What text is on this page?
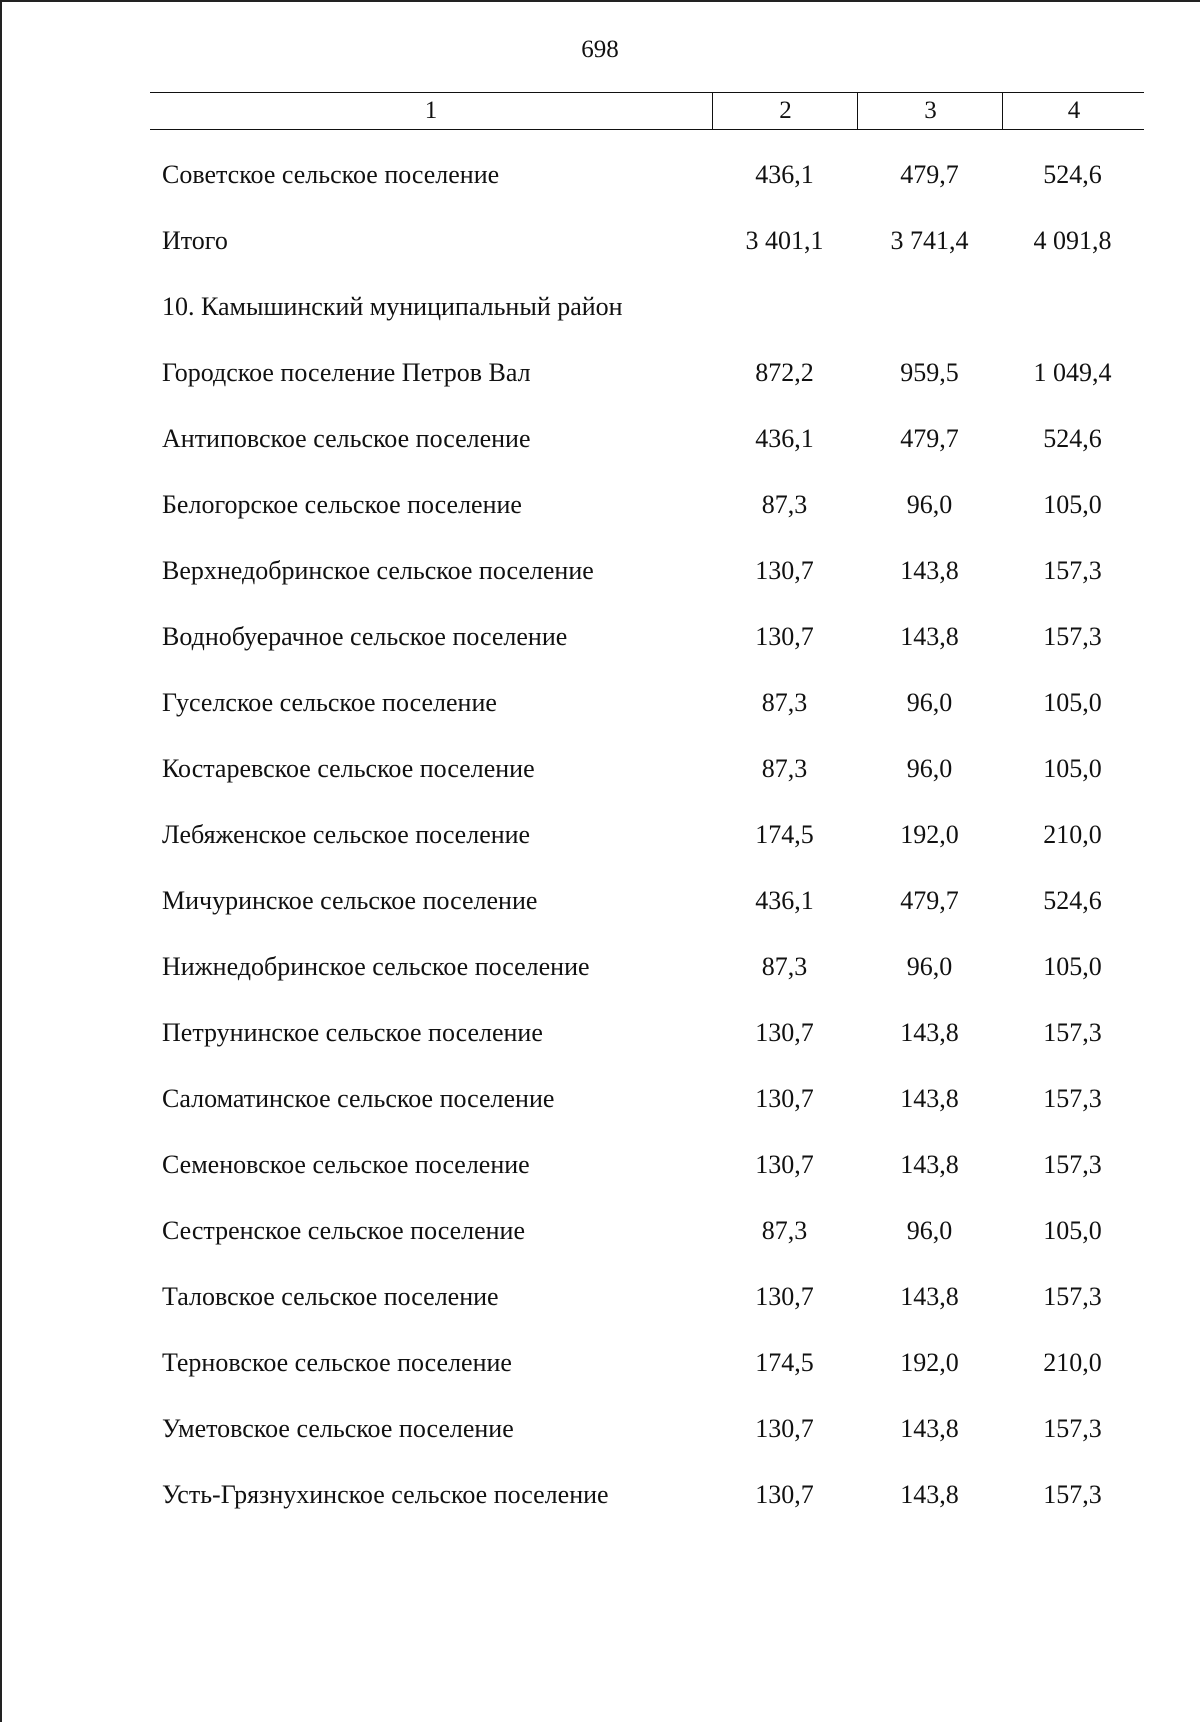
698
1	2	3	4
Советское сельское поселение	436,1	479,7	524,6
Итого	3 401,1	3 741,4	4 091,8
10. Камышинский муниципальный район
Городское поселение Петров Вал	872,2	959,5	1 049,4
Антиповское сельское поселение	436,1	479,7	524,6
Белогорское сельское поселение	87,3	96,0	105,0
Верхнедобринское сельское поселение	130,7	143,8	157,3
Воднобуерачное сельское поселение	130,7	143,8	157,3
Гуселское сельское поселение	87,3	96,0	105,0
Костаревское сельское поселение	87,3	96,0	105,0
Лебяженское сельское поселение	174,5	192,0	210,0
Мичуринское сельское поселение	436,1	479,7	524,6
Нижнедобринское сельское поселение	87,3	96,0	105,0
Петрунинское сельское поселение	130,7	143,8	157,3
Саломатинское сельское поселение	130,7	143,8	157,3
Семеновское сельское поселение	130,7	143,8	157,3
Сестренское сельское поселение	87,3	96,0	105,0
Таловское сельское поселение	130,7	143,8	157,3
Терновское сельское поселение	174,5	192,0	210,0
Уметовское сельское поселение	130,7	143,8	157,3
Усть-Грязнухинское сельское поселение	130,7	143,8	157,3
